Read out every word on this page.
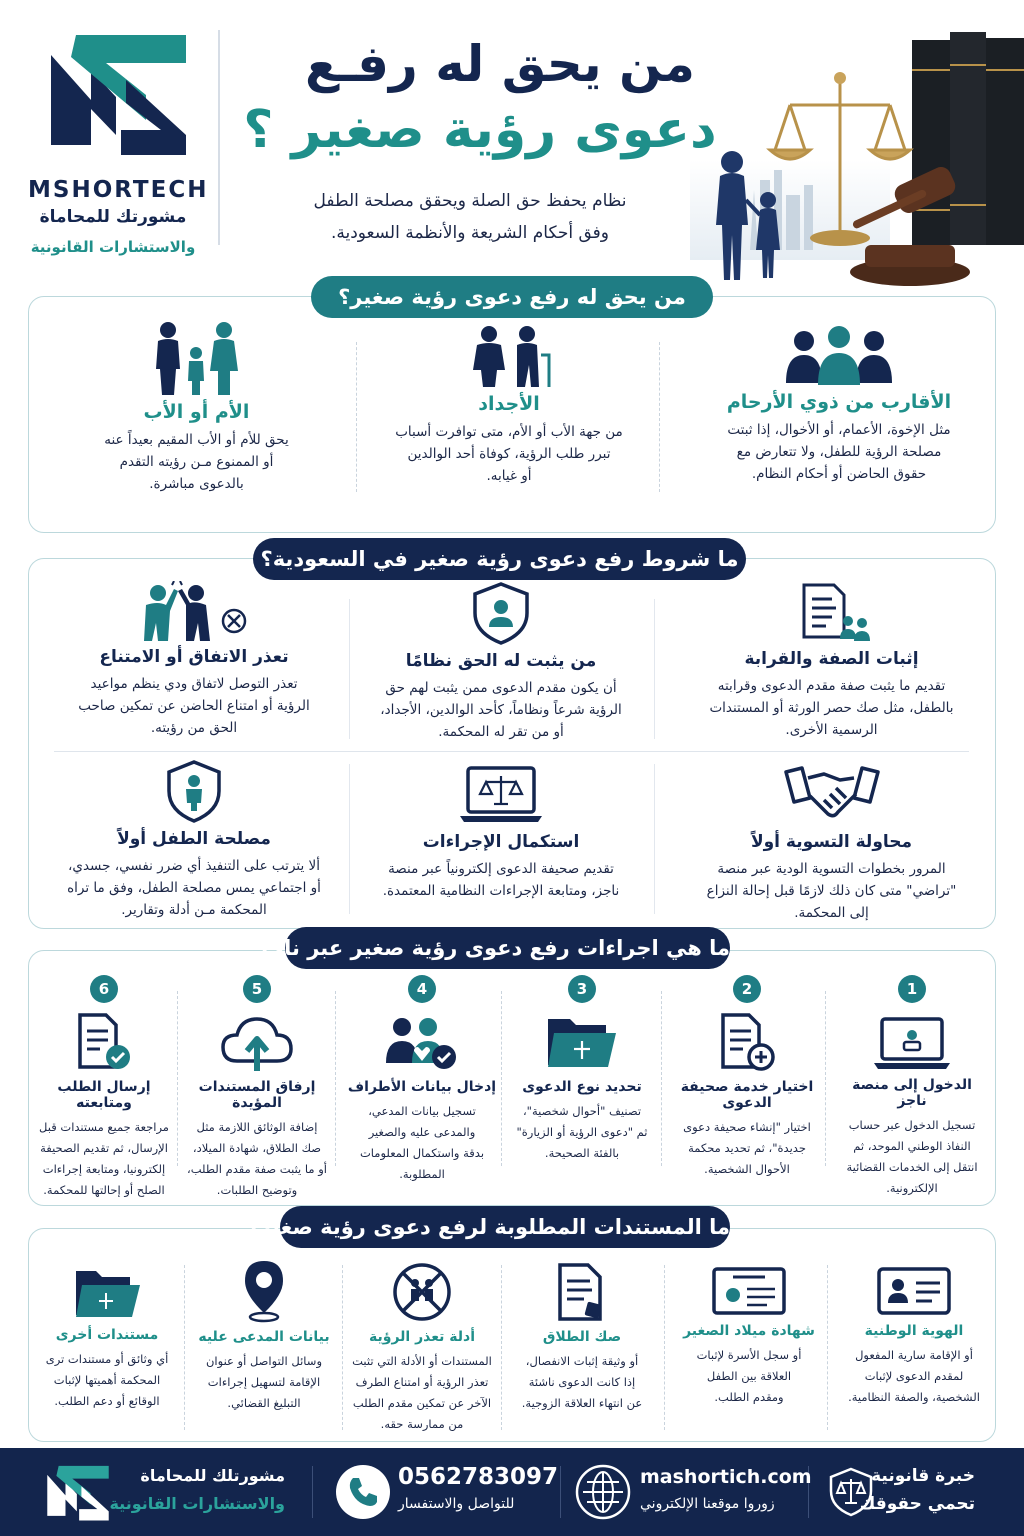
MSHORTECH
مشورتك للمحاماة
والاستشارات القانونية
من يحق له رفـع
دعوى رؤية صغير ؟
نظام يحفظ حق الصلة ويحقق مصلحة الطفل
وفق أحكام الشريعة والأنظمة السعودية.
الأقارب من ذوي الأرحام

مثل الإخوة، الأعمام، أو الأخوال، إذا ثبتت
مصلحة الرؤية للطفل، ولا تتعارض مع
حقوق الحاضن أو أحكام النظام.

الأجداد

من جهة الأب أو الأم، متى توافرت أسباب
تبرر طلب الرؤية، كوفاة أحد الوالدين
أو غيابه.

الأم أو الأب

يحق للأم أو الأب المقيم بعيداً عنه
أو الممنوع مـن رؤيته التقدم
بالدعوى مباشرة.

من يحق له رفع دعوى رؤية صغير؟
إثبات الصفة والقرابة

تقديم ما يثبت صفة مقدم الدعوى وقرابته
بالطفل، مثل صك حصر الورثة أو المستندات
الرسمية الأخرى.

من يثبت له الحق نظامًا

أن يكون مقدم الدعوى ممن يثبت لهم حق
الرؤية شرعاً ونظاماً، كأحد الوالدين، الأجداد،
أو من تقر له المحكمة.

تعذر الاتفاق أو الامتناع

تعذر التوصل لاتفاق ودي ينظم مواعيد
الرؤية أو امتناع الحاضن عن تمكين صاحب
الحق من رؤيته.

محاولة التسوية أولاً

المرور بخطوات التسوية الودية عبر منصة
"تراضي" متى كان ذلك لازمًا قبل إحالة النزاع
إلى المحكمة.

استكمال الإجراءات

تقديم صحيفة الدعوى إلكترونياً عبر منصة
ناجز، ومتابعة الإجراءات النظامية المعتمدة.

مصلحة الطفل أولاً

ألا يترتب على التنفيذ أي ضرر نفسي، جسدي،
أو اجتماعي يمس مصلحة الطفل، وفق ما تراه
المحكمة مـن أدلة وتقارير.

ما شروط رفع دعوى رؤية صغير في السعودية؟
1
الدخول إلى منصة ناجز

تسجيل الدخول عبر حساب
النفاذ الوطني الموحد، ثم
انتقل إلى الخدمات القضائية
الإلكترونية.

2
اختيار خدمة صحيفة الدعوى

اختيار "إنشاء صحيفة دعوى
جديدة"، ثم تحديد محكمة
الأحوال الشخصية.

3
تحديد نوع الدعوى

تصنيف "أحوال شخصية"،
ثم "دعوى الرؤية أو الزيارة"
بالفئة الصحيحة.

4
إدخال بيانات الأطراف

تسجيل بيانات المدعي،
والمدعى عليه والصغير
بدقة واستكمال المعلومات
المطلوبة.

5
إرفاق المستندات المؤيدة

إضافة الوثائق اللازمة مثل
صك الطلاق، شهادة الميلاد،
أو ما يثبت صفة مقدم الطلب،
وتوضيح الطلبات.

6
إرسال الطلب ومتابعته

مراجعة جميع مستندات قبل
الإرسال، ثم تقديم الصحيفة
إلكترونيا، ومتابعة إجراءات
الصلح أو إحالتها للمحكمة.

ما هي اجراءات رفع دعوى رؤية صغير عبر ناجز؟
الهوية الوطنية

أو الإقامة سارية المفعول
لمقدم الدعوى لإثبات
الشخصية، والصفة النظامية.

شهادة ميلاد الصغير

أو سجل الأسرة لإثبات
العلاقة بين الطفل
ومقدم الطلب.

صك الطلاق

أو وثيقة إثبات الانفصال،
إذا كانت الدعوى ناشئة
عن انتهاء العلاقة الزوجية.

أدلة تعذر الرؤية

المستندات أو الأدلة التي تثبت
تعذر الرؤية أو امتناع الطرف
الآخر عن تمكين مقدم الطلب
من ممارسة حقه.

بيانات المدعى عليه

وسائل التواصل أو عنوان
الإقامة لتسهيل إجراءات
التبليغ القضائي.

مستندات أخرى

أي وثائق أو مستندات ترى
المحكمة أهميتها لإثبات
الوقائع أو دعم الطلب.

ما المستندات المطلوبة لرفع دعوى رؤية صغير؟
خبرة قانونية
تحمي حقوقك
mashortich.com
زوروا موقعنا الإلكتروني
0562783097
للتواصل والاستفسار
مشورتلك للمحاماة
والاستشارات القانونية
